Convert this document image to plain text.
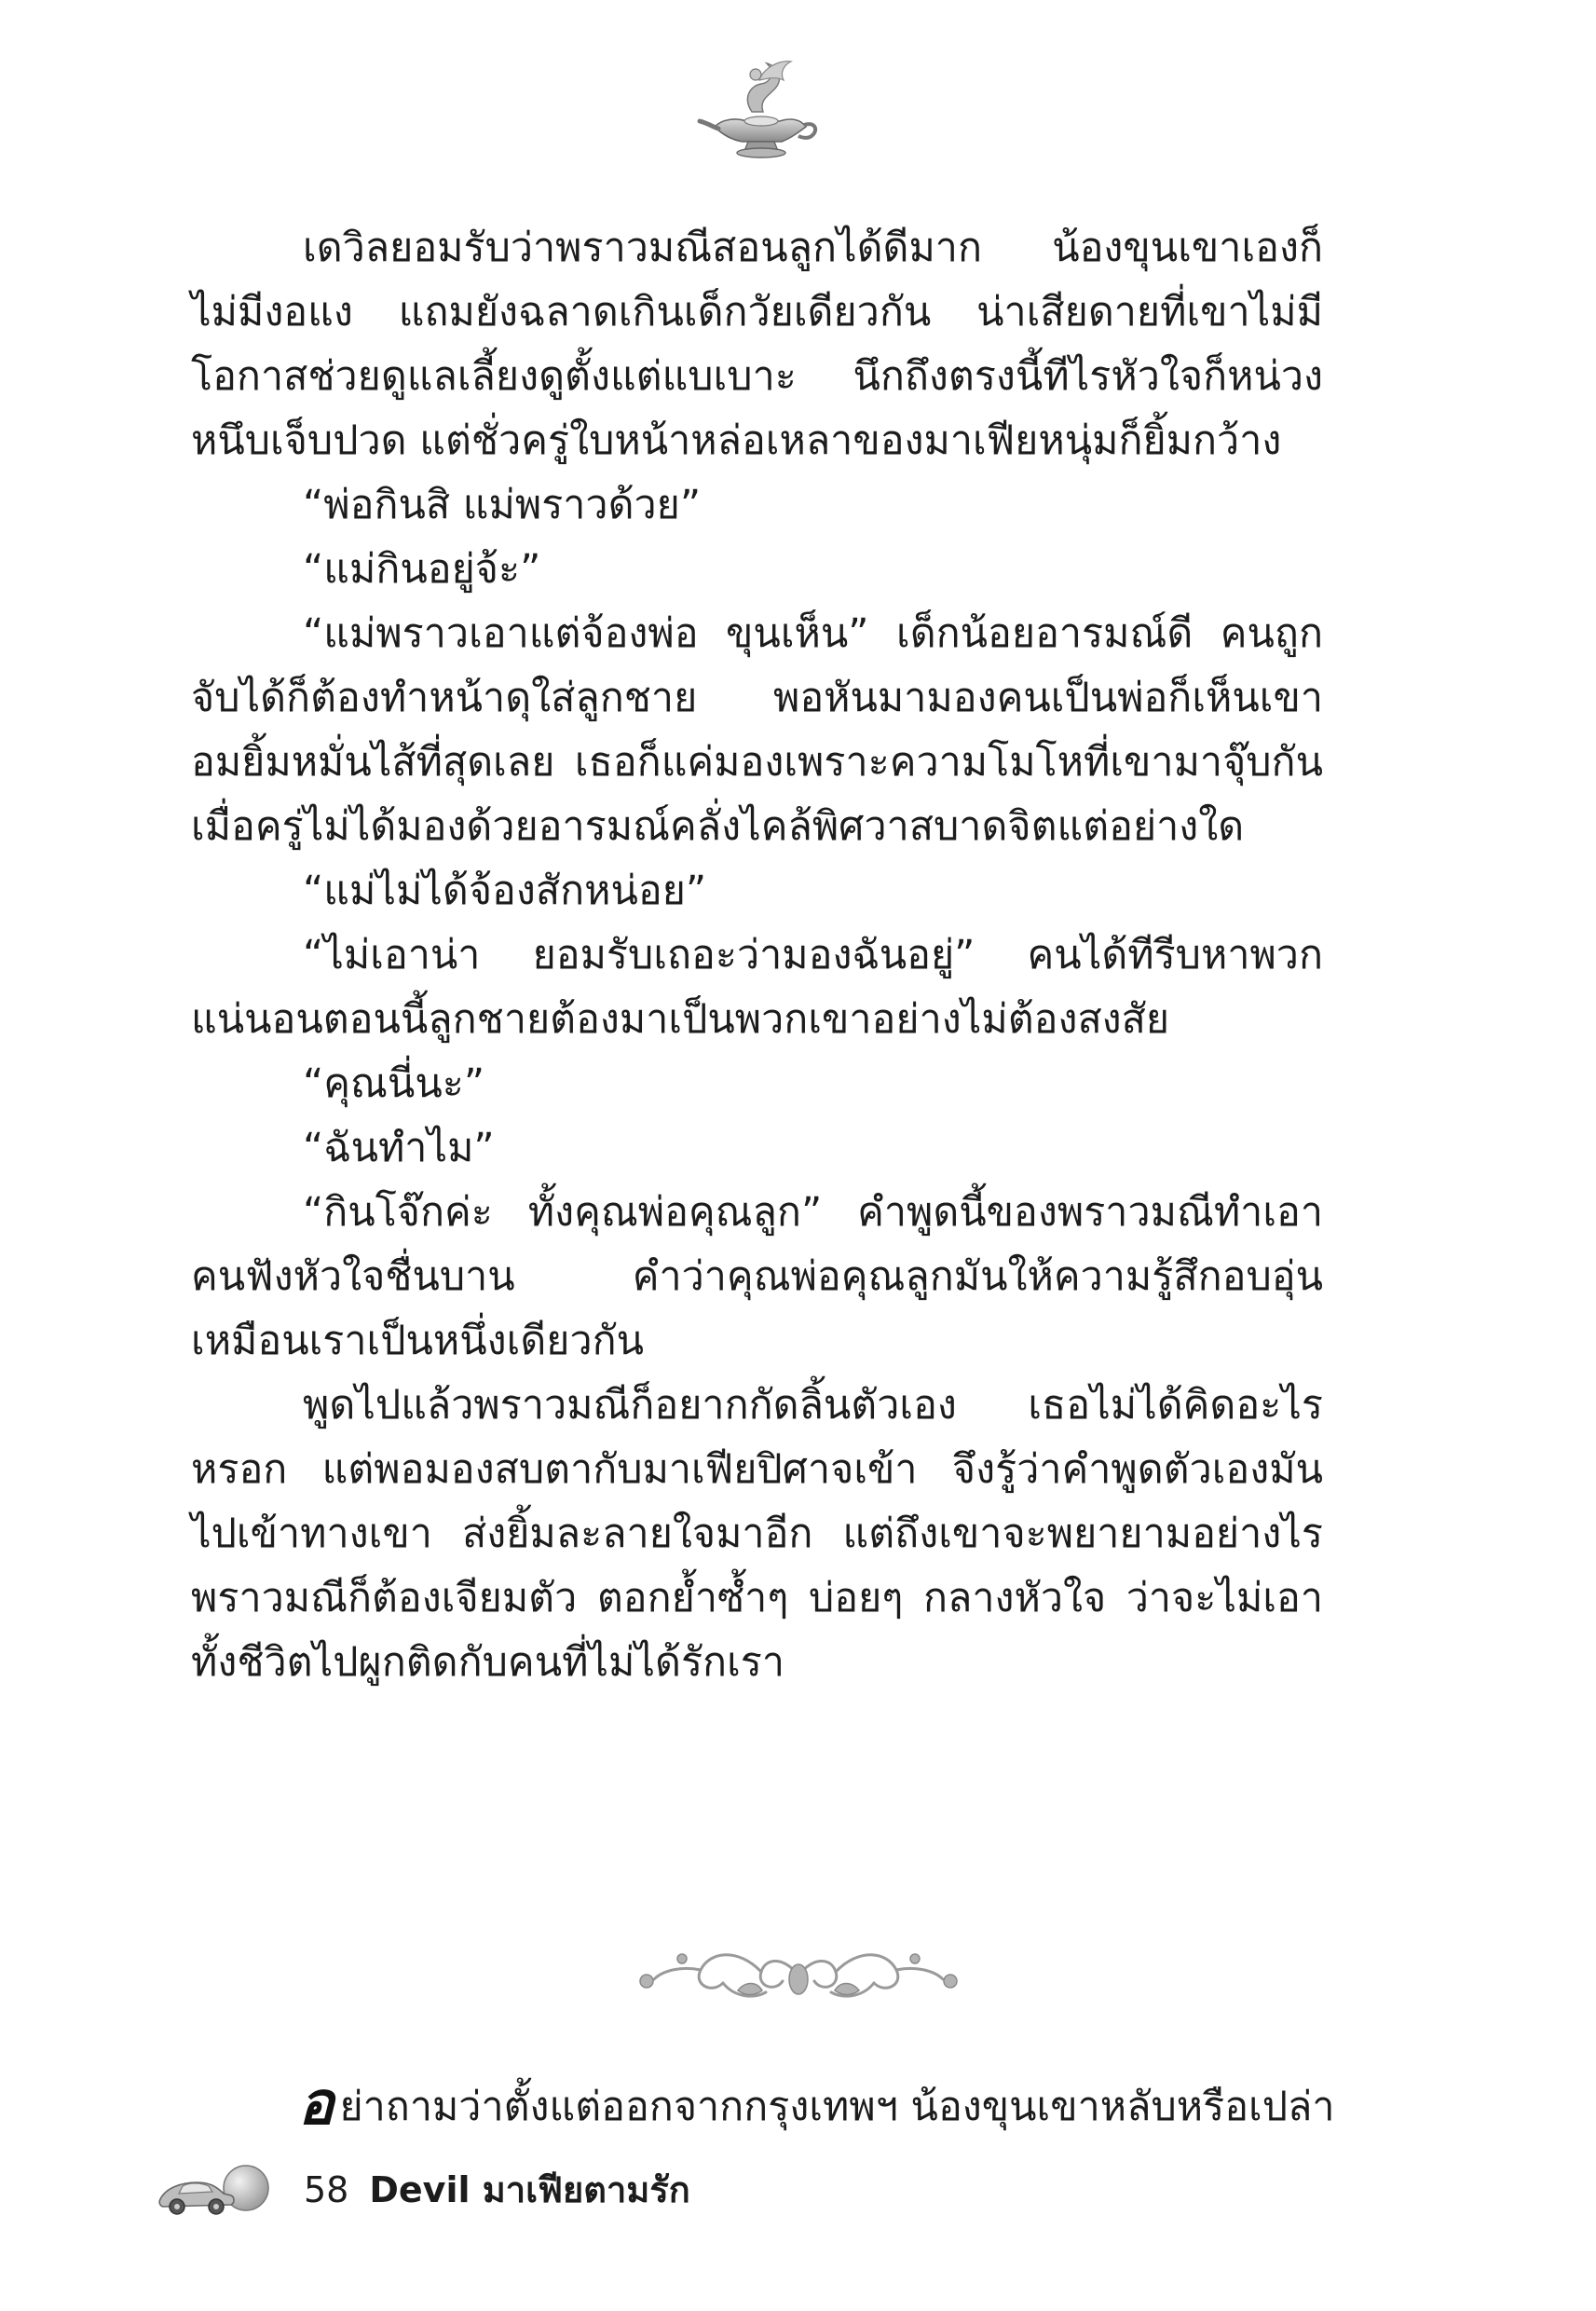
เดวิลยอมรับว่าพราวมณีสอนลูกได้ดีมาก น้องขุนเขาเองก็ไม่มีงอแง แถมยังฉลาดเกินเด็กวัยเดียวกัน น่าเสียดายที่เขาไม่มีโอกาสช่วยดูแลเลี้ยงดูตั้งแต่แบเบาะ นึกถึงตรงนี้ทีไรหัวใจก็หน่วงหนึบเจ็บปวด แต่ชั่วครู่ใบหน้าหล่อเหลาของมาเฟียหนุ่มก็ยิ้มกว้าง

“พ่อกินสิ แม่พราวด้วย”

“แม่กินอยู่จ้ะ”

“แม่พราวเอาแต่จ้องพ่อ ขุนเห็น” เด็กน้อยอารมณ์ดี คนถูกจับได้ก็ต้องทำหน้าดุใส่ลูกชาย พอหันมามองคนเป็นพ่อก็เห็นเขาอมยิ้มหมั่นไส้ที่สุดเลย เธอก็แค่มองเพราะความโมโหที่เขามาจุ๊บกันเมื่อครู่ไม่ได้มองด้วยอารมณ์คลั่งไคล้พิศวาสบาดจิตแต่อย่างใด

“แม่ไม่ได้จ้องสักหน่อย”

“ไม่เอาน่า ยอมรับเถอะว่ามองฉันอยู่” คนได้ทีรีบหาพวก แน่นอนตอนนี้ลูกชายต้องมาเป็นพวกเขาอย่างไม่ต้องสงสัย

“คุณนี่นะ”

“ฉันทำไม”

“กินโจ๊กค่ะ ทั้งคุณพ่อคุณลูก” คำพูดนี้ของพราวมณีทำเอาคนฟังหัวใจชื่นบาน คำว่าคุณพ่อคุณลูกมันให้ความรู้สึกอบอุ่นเหมือนเราเป็นหนึ่งเดียวกัน

พูดไปแล้วพราวมณีก็อยากกัดลิ้นตัวเอง เธอไม่ได้คิดอะไรหรอก แต่พอมองสบตากับมาเฟียปิศาจเข้า จึงรู้ว่าคำพูดตัวเองมันไปเข้าทางเขา ส่งยิ้มละลายใจมาอีก แต่ถึงเขาจะพยายามอย่างไรพราวมณีก็ต้องเจียมตัว ตอกย้ำซ้ำๆ บ่อยๆ กลางหัวใจ ว่าจะไม่เอาทั้งชีวิตไปผูกติดกับคนที่ไม่ได้รักเรา

อ ย่าถามว่าตั้งแต่ออกจากกรุงเทพฯ น้องขุนเขาหลับหรือเปล่า
58 Devil มาเฟียตามรัก
